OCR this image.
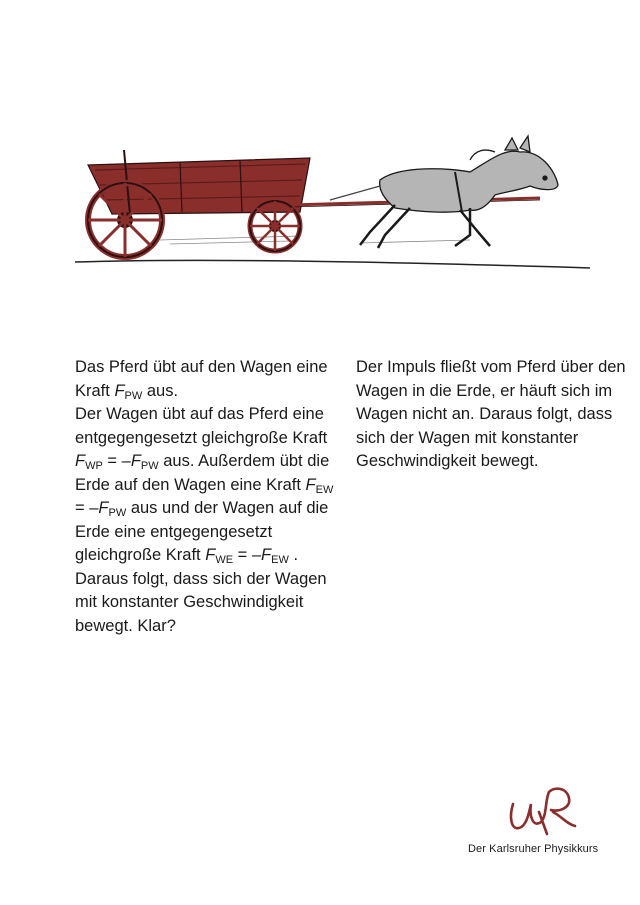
Das Pferd übt auf den Wagen eine Kraft $F_{PW}$ aus.

Der Wagen übt auf das Pferd eine entgegengesetzt gleichgroße Kraft $F_{WP} = -F_{PW}$ aus. Außerdem übt die Erde auf den Wagen eine Kraft $F_{EW} = -F_{PW}$ aus und der Wagen auf die Erde eine entgegengesetzt gleichgroße Kraft $F_{WE} = -F_{EW}$ . Daraus folgt, dass sich der Wagen mit konstanter Geschwindigkeit bewegt. Klar?

Der Impuls fließt vom Pferd über den Wagen in die Erde, er häuft sich im Wagen nicht an. Daraus folgt, dass sich der Wagen mit konstanter Geschwindigkeit bewegt.

Der Karlsruher Physikkurs
